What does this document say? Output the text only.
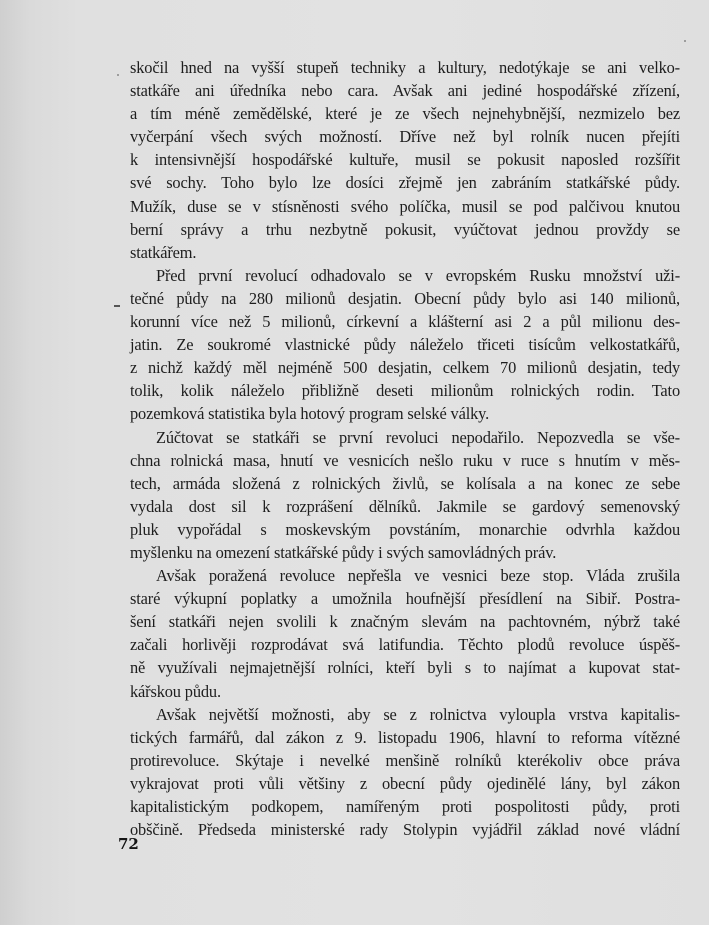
skočil hned na vyšší stupeň techniky a kultury, nedotýkaje se ani velko-
statkáře ani úředníka nebo cara. Avšak ani jediné hospodářské zřízení,
a tím méně zemědělské, které je ze všech nejnehybnější, nezmizelo bez
vyčerpání všech svých možností. Dříve než byl rolník nucen přejíti
k intensivnější hospodářské kultuře, musil se pokusit naposled rozšířit
své sochy. Toho bylo lze dosíci zřejmě jen zabráním statkářské půdy.
Mužík, duse se v stísněnosti svého políčka, musil se pod palčivou knutou
berní správy a trhu nezbytně pokusit, vyúčtovat jednou provždy se
statkářem.
Před první revolucí odhadovalo se v evropském Rusku množství uži-
tečné půdy na 280 milionů desjatin. Obecní půdy bylo asi 140 milionů,
korunní více než 5 milionů, církevní a klášterní asi 2 a půl milionu des-
jatin. Ze soukromé vlastnické půdy náleželo třiceti tisícům velkostatkářů,
z nichž každý měl nejméně 500 desjatin, celkem 70 milionů desjatin, tedy
tolik, kolik náleželo přibližně deseti milionům rolnických rodin. Tato
pozemková statistika byla hotový program selské války.
Zúčtovat se statkáři se první revoluci nepodařilo. Nepozvedla se vše-
chna rolnická masa, hnutí ve vesnicích nešlo ruku v ruce s hnutím v měs-
tech, armáda složená z rolnických živlů, se kolísala a na konec ze sebe
vydala dost sil k rozprášení dělníků. Jakmile se gardový semenovský
pluk vypořádal s moskevským povstáním, monarchie odvrhla každou
myšlenku na omezení statkářské půdy i svých samovládných práv.
Avšak poražená revoluce nepřešla ve vesnici beze stop. Vláda zrušila
staré výkupní poplatky a umožnila houfnější přesídlení na Sibiř. Postra-
šení statkáři nejen svolili k značným slevám na pachtovném, nýbrž také
začali horlivěji rozprodávat svá latifundia. Těchto plodů revoluce úspěš-
ně využívali nejmajetnější rolníci, kteří byli s to najímat a kupovat stat-
kářskou půdu.
Avšak největší možnosti, aby se z rolnictva vyloupla vrstva kapitalis-
tických farmářů, dal zákon z 9. listopadu 1906, hlavní to reforma vítězné
protirevoluce. Skýtaje i nevelké menšině rolníků kterékoliv obce práva
vykrajovat proti vůli většiny z obecní půdy ojedinělé lány, byl zákon
kapitalistickým podkopem, namířeným proti pospolitosti půdy, proti
obščině. Předseda ministerské rady Stolypin vyjádřil základ nové vládní
72
